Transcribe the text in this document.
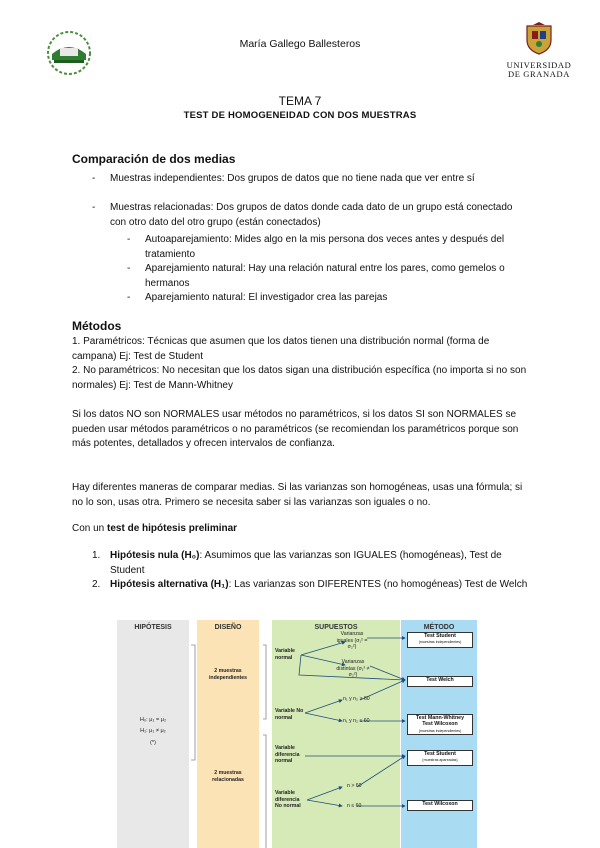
María Gallego Ballesteros
UNIVERSIDAD
DE GRANADA
TEMA 7
TEST DE HOMOGENEIDAD CON DOS MUESTRAS
Comparación de dos medias
- Muestras independientes: Dos grupos de datos que no tiene nada que ver entre sí
- Muestras relacionadas: Dos grupos de datos donde cada dato de un grupo está conectado con otro dato del otro grupo (están conectados)
- Autoaparejamiento: Mides algo en la mis persona dos veces antes y después del tratamiento
- Aparejamiento natural: Hay una relación natural entre los pares, como gemelos o hermanos
- Aparejamiento natural: El investigador crea las parejas
Métodos
1. Paramétricos: Técnicas que asumen que los datos tienen una distribución normal (forma de campana) Ej: Test de Student
2. No paramétricos: No necesitan que los datos sigan una distribución específica (no importa si no son normales) Ej: Test de Mann-Whitney
Si los datos NO son NORMALES usar métodos no paramétricos, si los datos SI son NORMALES se pueden usar métodos paramétricos o no paramétricos (se recomiendan los paramétricos porque son más potentes, detallados y ofrecen intervalos de confianza.
Hay diferentes maneras de comparar medias. Si las varianzas son homogéneas, usas una fórmula; si no lo son, usas otra. Primero se necesita saber si las varianzas son iguales o no.
Con un test de hipótesis preliminar
1. Hipótesis nula (H₀): Asumimos que las varianzas son IGUALES (homogéneas), Test de Student
2. Hipótesis alternativa (H₁): Las varianzas son DIFERENTES (no homogéneas) Test de Welch
HIPÓTESIS	DISEÑO	SUPUESTOS	MÉTODO
H₀: μ₁ = μ₂
H₁: μ₁ ≠ μ₂
(*)
2 muestras independientes
2 muestras relacionadas
Variable normal
Variable No normal
Variable diferencia normal
Variable diferencia No normal
Varianzas iguales (σ₁² = σ₂²)
Varianzas distintas (σ₁² ≠ σ₂²)
n₁ y n₂ > 60
n₁ y n₂ ≤ 60
n > 60
n ≤ 60
Test Student
(muestras independientes)
Test Welch
Test Mann-Whitney
Test Wilcoxon
(muestras independientes)
Test Student
(muestras apareadas)
Test Wilcoxon
